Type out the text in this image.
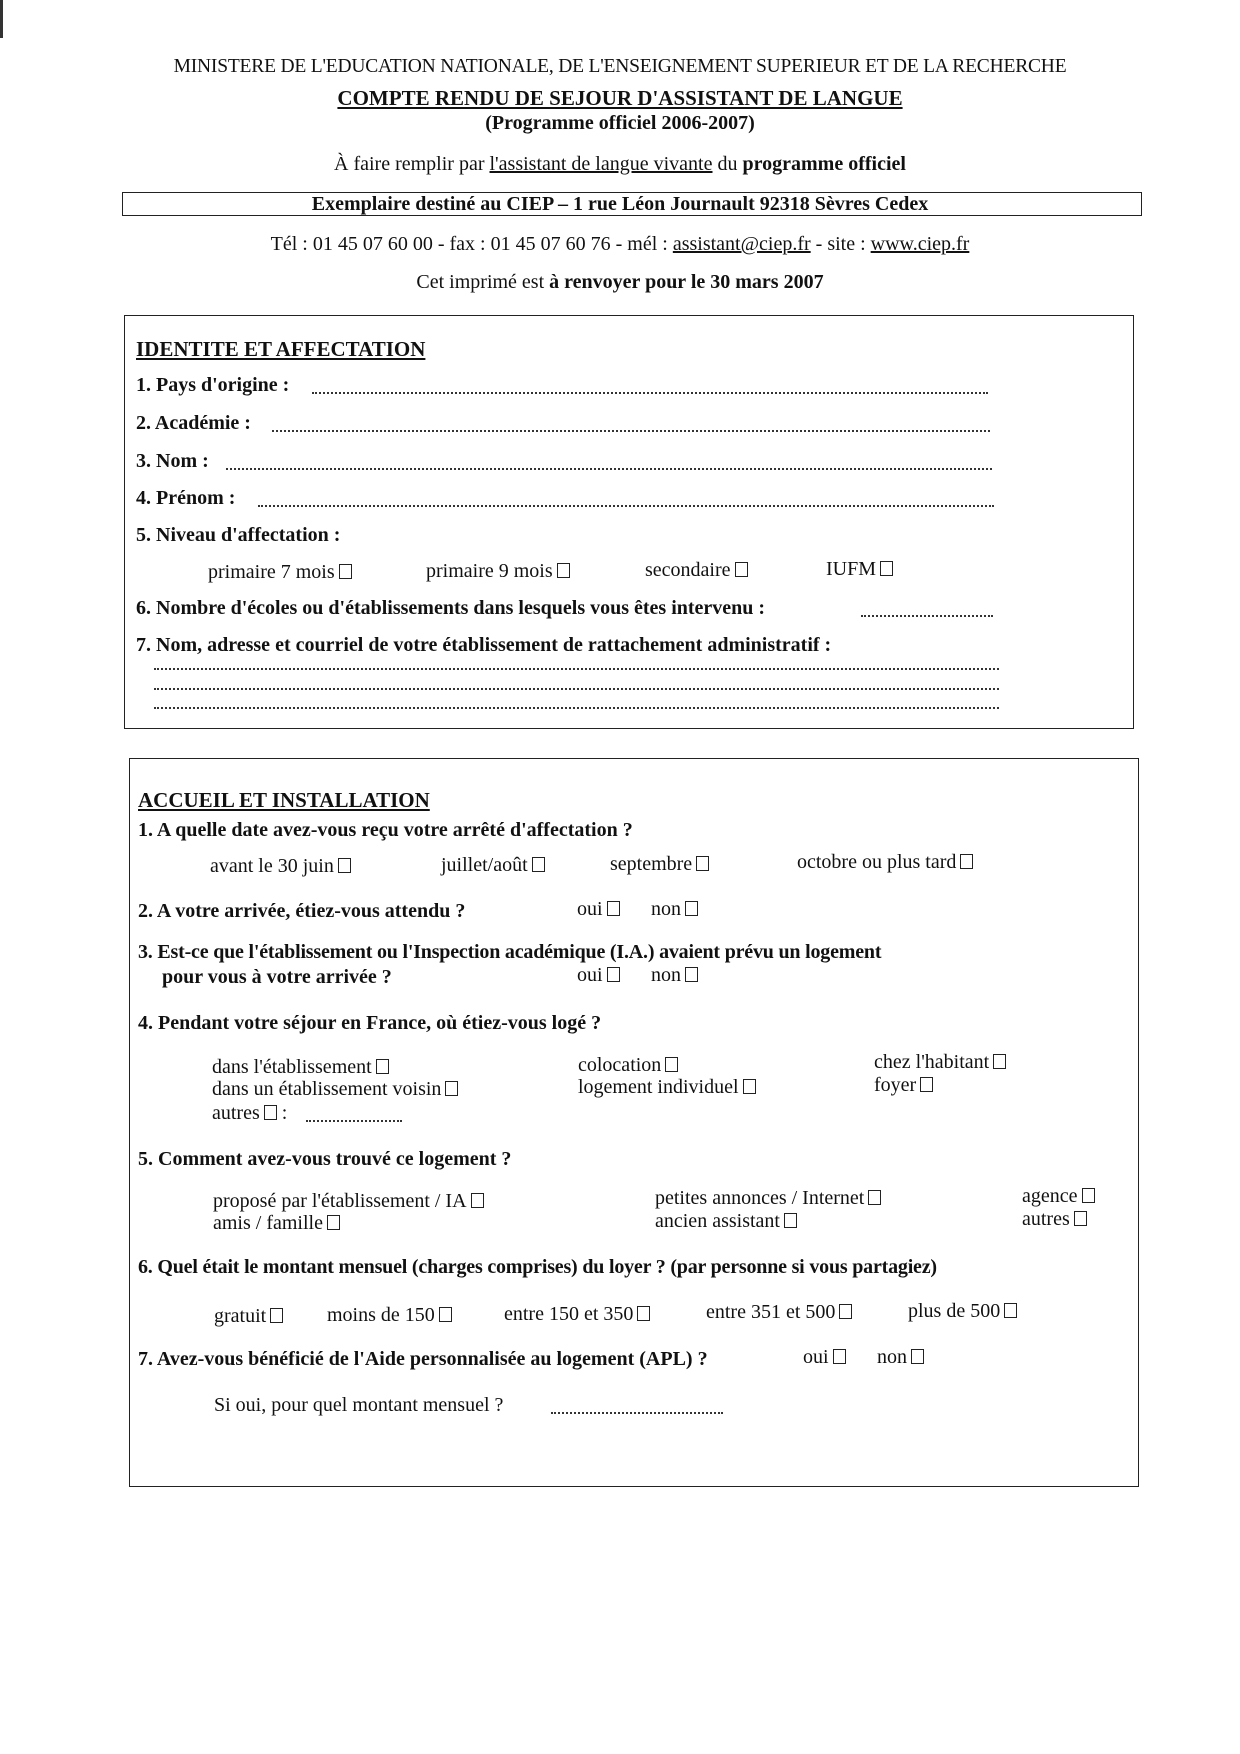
MINISTERE DE L'EDUCATION NATIONALE, DE L'ENSEIGNEMENT SUPERIEUR ET DE LA RECHERCHE
COMPTE RENDU DE SEJOUR D'ASSISTANT DE LANGUE
(Programme officiel 2006-2007)
À faire remplir par l'assistant de langue vivante du programme officiel
Exemplaire destiné au CIEP – 1 rue Léon Journault 92318 Sèvres Cedex
Tél : 01 45 07 60 00 - fax : 01 45 07 60 76 - mél : assistant@ciep.fr - site : www.ciep.fr
Cet imprimé est à renvoyer pour le 30 mars 2007
IDENTITE ET AFFECTATION
1. Pays d'origine :
2. Académie :
3. Nom :
4. Prénom :
5. Niveau d'affectation :
primaire 7 mois	primaire 9 mois	secondaire	IUFM
6. Nombre d'écoles ou d'établissements dans lesquels vous êtes intervenu :
7. Nom, adresse et courriel de votre établissement de rattachement administratif :
ACCUEIL ET INSTALLATION
1. A quelle date avez-vous reçu votre arrêté d'affectation ?
avant le 30 juin	juillet/août	septembre	octobre ou plus tard
2. A votre arrivée, étiez-vous attendu ?	oui	non
3. Est-ce que l'établissement ou l'Inspection académique (I.A.) avaient prévu un logement
pour vous à votre arrivée ?	oui	non
4. Pendant votre séjour en France, où étiez-vous logé ?
dans l'établissement	colocation	chez l'habitant
dans un établissement voisin	logement individuel	foyer
autres :
5. Comment avez-vous trouvé ce logement ?
proposé par l'établissement / IA	petites annonces / Internet	agence
amis / famille	ancien assistant	autres
6. Quel était le montant mensuel (charges comprises) du loyer ? (par personne si vous partagiez)
gratuit	moins de 150	entre 150 et 350	entre 351 et 500	plus de 500
7. Avez-vous bénéficié de l'Aide personnalisée au logement (APL) ?	oui	non
Si oui, pour quel montant mensuel ?
